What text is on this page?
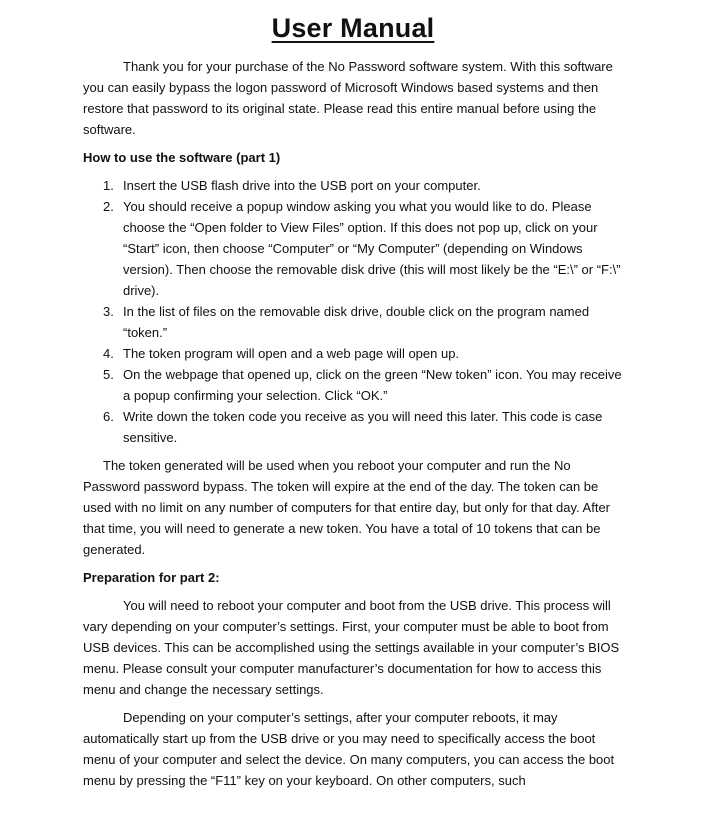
User Manual

Thank you for your purchase of the No Password software system. With this software you can easily bypass the logon password of Microsoft Windows based systems and then restore that password to its original state. Please read this entire manual before using the software.

How to use the software (part 1)

1. Insert the USB flash drive into the USB port on your computer.
2. You should receive a popup window asking you what you would like to do. Please choose the “Open folder to View Files” option. If this does not pop up, click on your “Start” icon, then choose “Computer” or “My Computer” (depending on Windows version). Then choose the removable disk drive (this will most likely be the “E:\” or “F:\” drive).
3. In the list of files on the removable disk drive, double click on the program named “token.”
4. The token program will open and a web page will open up.
5. On the webpage that opened up, click on the green “New token” icon. You may receive a popup confirming your selection. Click “OK.”
6. Write down the token code you receive as you will need this later. This code is case sensitive.

The token generated will be used when you reboot your computer and run the No Password password bypass. The token will expire at the end of the day. The token can be used with no limit on any number of computers for that entire day, but only for that day. After that time, you will need to generate a new token. You have a total of 10 tokens that can be generated.

Preparation for part 2:

You will need to reboot your computer and boot from the USB drive. This process will vary depending on your computer’s settings. First, your computer must be able to boot from USB devices. This can be accomplished using the settings available in your computer’s BIOS menu. Please consult your computer manufacturer’s documentation for how to access this menu and change the necessary settings.

Depending on your computer’s settings, after your computer reboots, it may automatically start up from the USB drive or you may need to specifically access the boot menu of your computer and select the device. On many computers, you can access the boot menu by pressing the “F11” key on your keyboard. On other computers, such
